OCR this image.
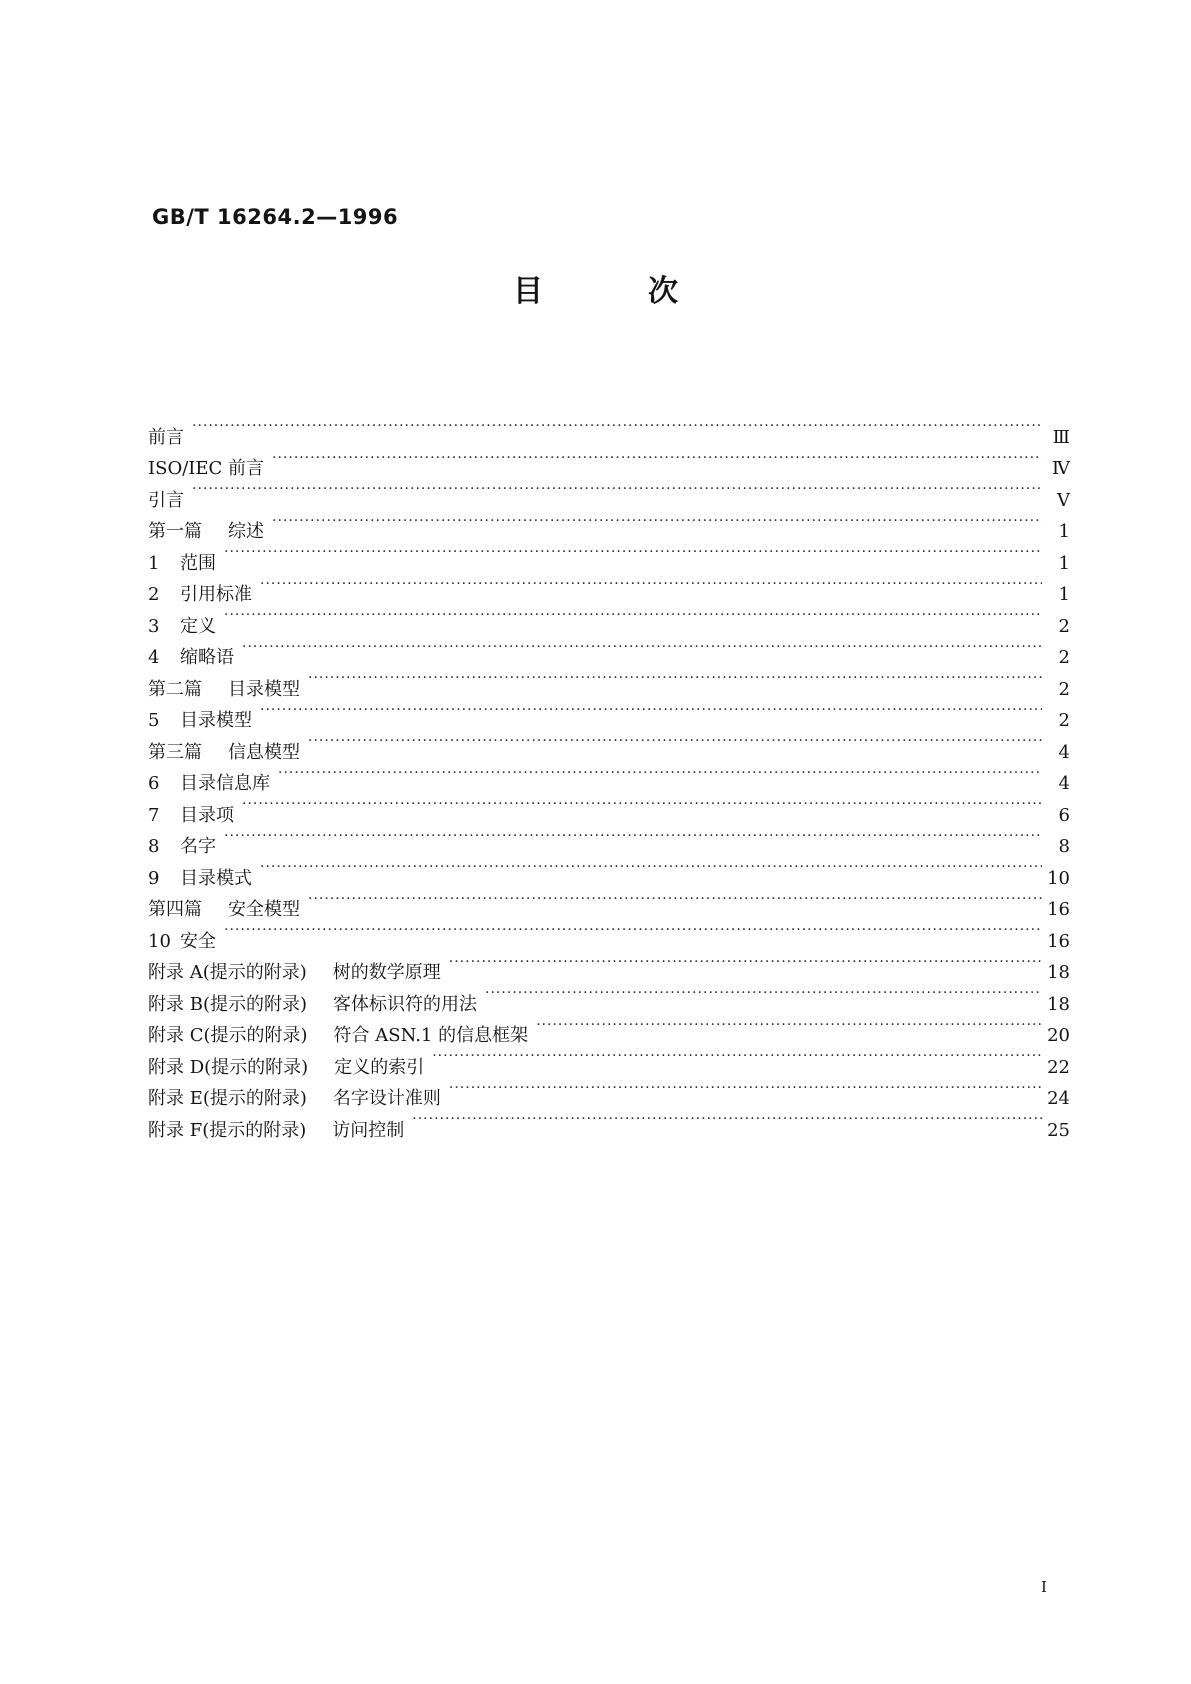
GB/T 16264.2—1996
目次
前言 ·····	Ⅲ
ISO/IEC 前言 ·····	Ⅳ
引言 ·····	Ⅴ
第一篇 综述 ·····	1
1	范围 ·····	1
2	引用标准 ·····	1
3	定义 ·····	2
4	缩略语 ·····	2
第二篇 目录模型 ·····	2
5	目录模型 ·····	2
第三篇 信息模型 ·····	4
6	目录信息库 ·····	4
7	目录项 ·····	6
8	名字 ·····	8
9	目录模式 ·····	10
第四篇 安全模型 ·····	16
10 安全 ·····	16
附录 A(提示的附录) 树的数学原理 ·····	18
附录 B(提示的附录) 客体标识符的用法 ·····	18
附录 C(提示的附录) 符合 ASN.1 的信息框架 ·····	20
附录 D(提示的附录) 定义的索引 ·····	22
附录 E(提示的附录) 名字设计准则 ·····	24
附录 F(提示的附录) 访问控制 ·····	25
Ⅰ
